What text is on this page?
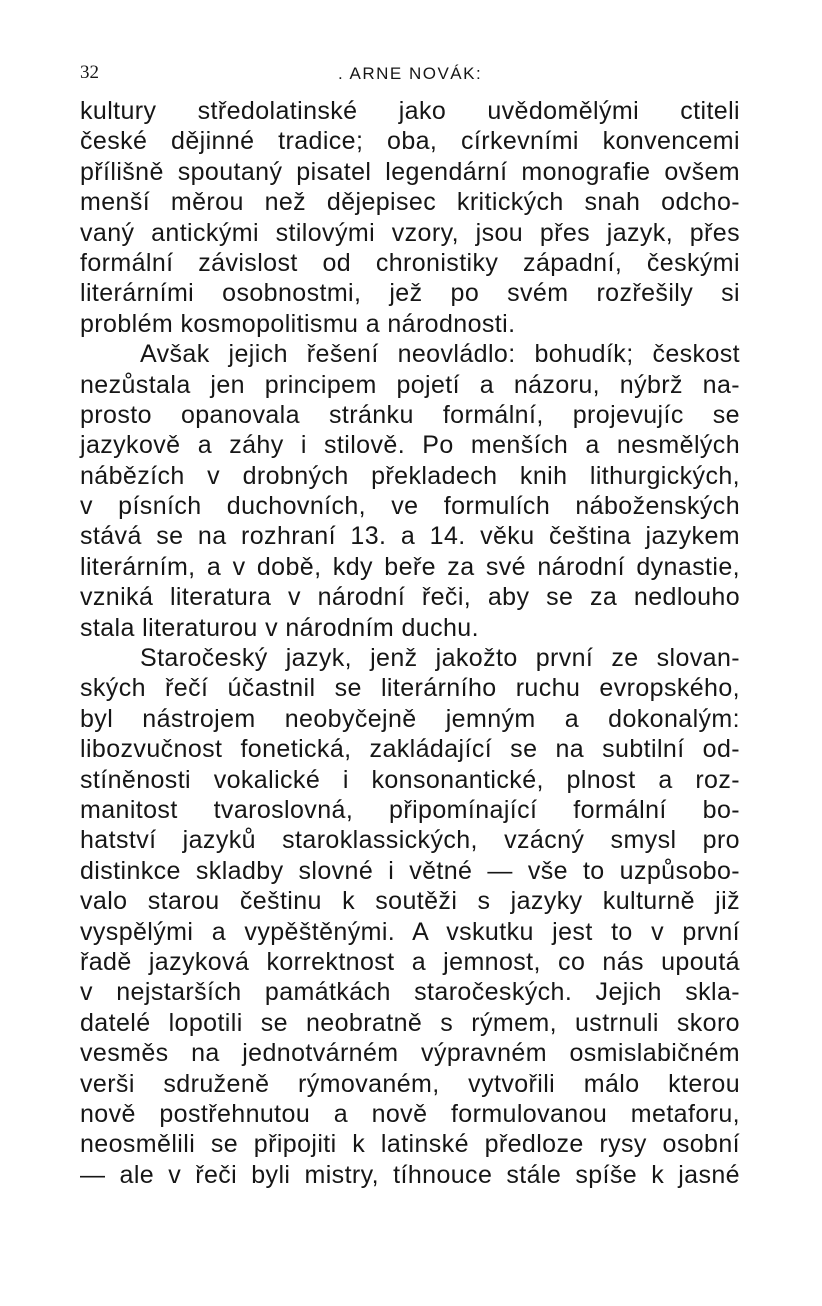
32	. ARNE NOVÁK:
kultury středolatinské jako uvědomělými ctiteli
české dějinné tradice; oba, církevními konvencemi
přílišně spoutaný pisatel legendární monografie ovšem
menší měrou než dějepisec kritických snah odcho-
vaný antickými stilovými vzory, jsou přes jazyk, přes
formální závislost od chronistiky západní, českými
literárními osobnostmi, jež po svém rozřešily si
problém kosmopolitismu a národnosti.
Avšak jejich řešení neovládlo: bohudík; českost
nezůstala jen principem pojetí a názoru, nýbrž na-
prosto opanovala stránku formální, projevujíc se
jazykově a záhy i stilově. Po menších a nesmělých
nábězích v drobných překladech knih lithurgických,
v písních duchovních, ve formulích náboženských
stává se na rozhraní 13. a 14. věku čeština jazykem
literárním, a v době, kdy beře za své národní dynastie,
vzniká literatura v národní řeči, aby se za nedlouho
stala literaturou v národním duchu.
Staročeský jazyk, jenž jakožto první ze slovan-
ských řečí účastnil se literárního ruchu evropského,
byl nástrojem neobyčejně jemným a dokonalým:
libozvučnost fonetická, zakládající se na subtilní od-
stíněnosti vokalické i konsonantické, plnost a roz-
manitost tvaroslovná, připomínající formální bo-
hatství jazyků staroklassických, vzácný smysl pro
distinkce skladby slovné i větné — vše to uzpůsobo-
valo starou češtinu k soutěži s jazyky kulturně již
vyspělými a vypěštěnými. A vskutku jest to v první
řadě jazyková korrektnost a jemnost, co nás upoutá
v nejstarších památkách staročeských. Jejich skla-
datelé lopotili se neobratně s rýmem, ustrnuli skoro
vesměs na jednotvárném výpravném osmislabičném
verši sdruženě rýmovaném, vytvořili málo kterou
nově postřehnutou a nově formulovanou metaforu,
neosmělili se připojiti k latinské předloze rysy osobní
— ale v řeči byli mistry, tíhnouce stále spíše k jasné
